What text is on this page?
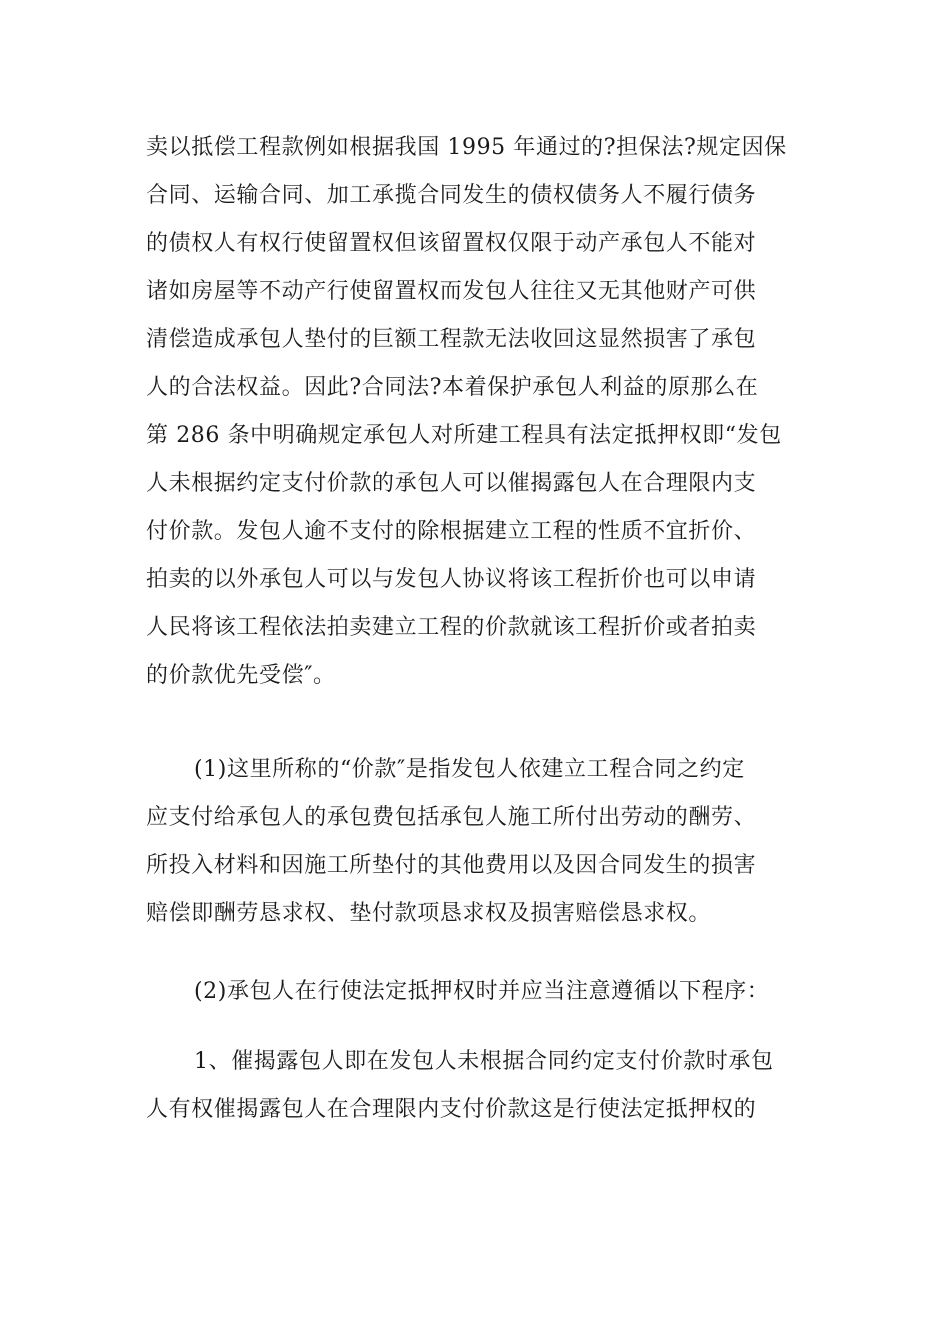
卖以抵偿工程款例如根据我国 1995 年通过的?担保法?规定因保
合同、运输合同、加工承揽合同发生的债权债务人不履行债务
的债权人有权行使留置权但该留置权仅限于动产承包人不能对
诸如房屋等不动产行使留置权而发包人往往又无其他财产可供
清偿造成承包人垫付的巨额工程款无法收回这显然损害了承包
人的合法权益。因此?合同法?本着保护承包人利益的原那么在
第 286 条中明确规定承包人对所建工程具有法定抵押权即“发包
人未根据约定支付价款的承包人可以催揭露包人在合理限内支
付价款。发包人逾不支付的除根据建立工程的性质不宜折价、
拍卖的以外承包人可以与发包人协议将该工程折价也可以申请
人民将该工程依法拍卖建立工程的价款就该工程折价或者拍卖
的价款优先受偿″。
(1)这里所称的“价款″是指发包人依建立工程合同之约定
应支付给承包人的承包费包括承包人施工所付出劳动的酬劳、
所投入材料和因施工所垫付的其他费用以及因合同发生的损害
赔偿即酬劳恳求权、垫付款项恳求权及损害赔偿恳求权。
(2)承包人在行使法定抵押权时并应当注意遵循以下程序：
1、催揭露包人即在发包人未根据合同约定支付价款时承包
人有权催揭露包人在合理限内支付价款这是行使法定抵押权的
